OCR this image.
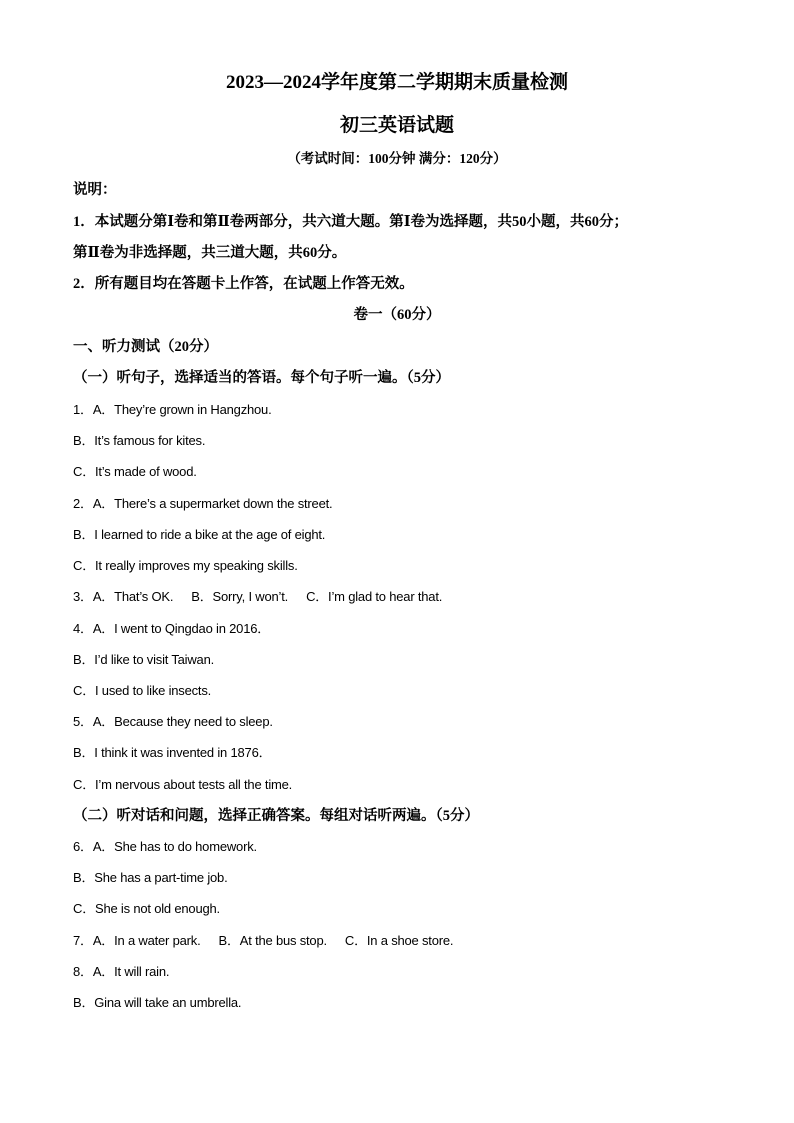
2023—2024学年度第二学期期末质量检测
初三英语试题
（考试时间：100分钟 满分：120分）
说明：
1．本试题分第Ⅰ卷和第Ⅱ卷两部分，共六道大题。第Ⅰ卷为选择题，共50小题，共60分；
第Ⅱ卷为非选择题，共三道大题，共60分。
2．所有题目均在答题卡上作答，在试题上作答无效。
卷一（60分）
一、听力测试（20分）
（一）听句子，选择适当的答语。每个句子听一遍。（5分）
1．A．They’re grown in Hangzhou.
B．It’s famous for kites.
C．It’s made of wood.
2．A．There’s a supermarket down the street.
B．I learned to ride a bike at the age of eight.
C．It really improves my speaking skills.
3．A．That’s OK. B．Sorry, I won’t. C．I’m glad to hear that.
4．A．I went to Qingdao in 2016．
B．I’d like to visit Taiwan.
C．I used to like insects.
5．A．Because they need to sleep.
B．I think it was invented in 1876．
C．I’m nervous about tests all the time.
（二）听对话和问题，选择正确答案。每组对话听两遍。（5分）
6．A．She has to do homework.
B．She has a part-time job.
C．She is not old enough.
7．A．In a water park. B．At the bus stop. C．In a shoe store.
8．A．It will rain.
B．Gina will take an umbrella.
